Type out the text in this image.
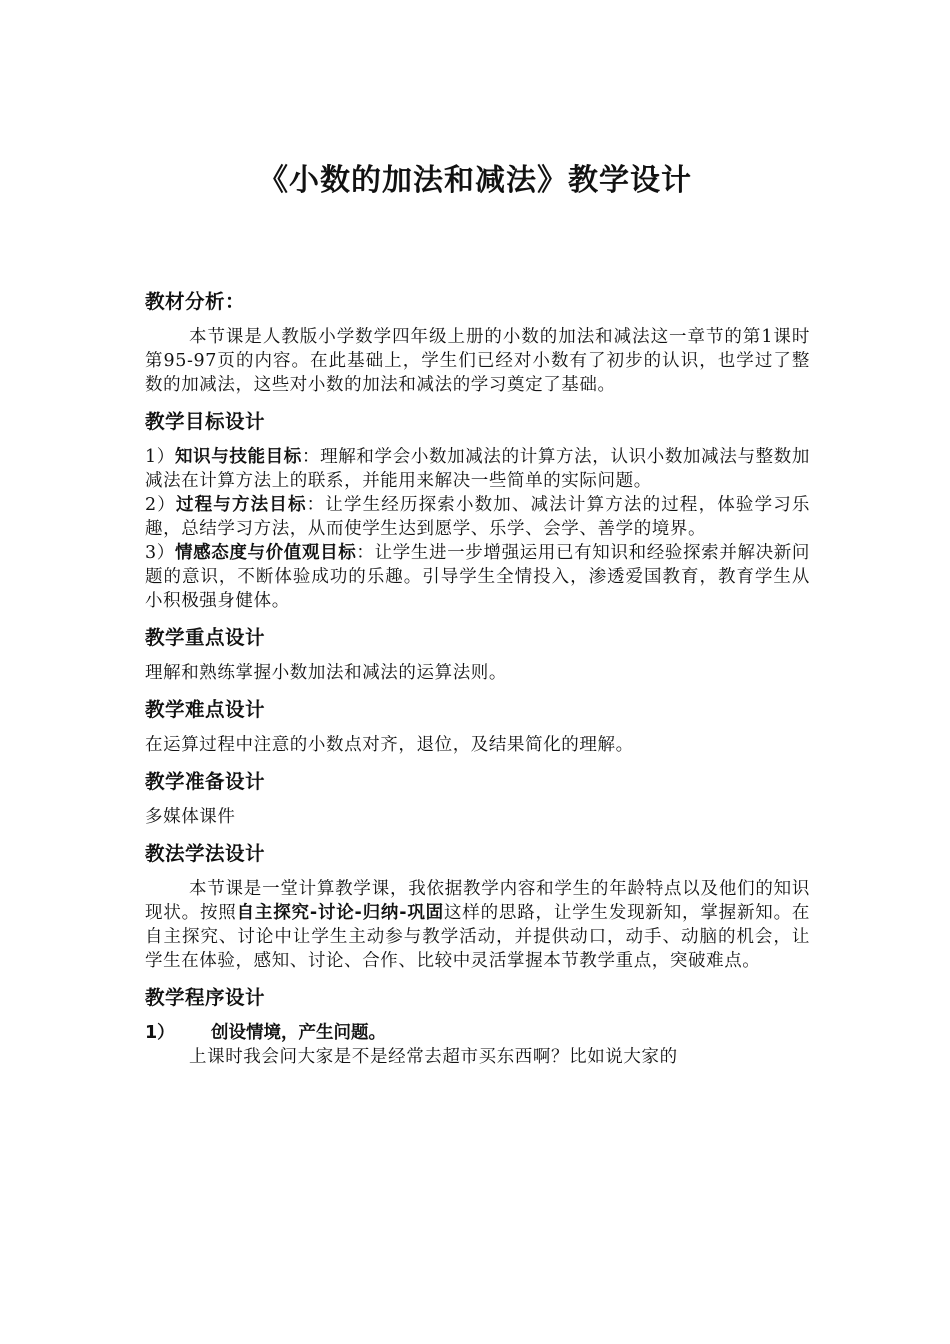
《小数的加法和减法》教学设计
教材分析：

本节课是人教版小学数学四年级上册的小数的加法和减法这一章节的第1课时第95-97页的内容。在此基础上，学生们已经对小数有了初步的认识，也学过了整数的加减法，这些对小数的加法和减法的学习奠定了基础。

教学目标设计

1）知识与技能目标：理解和学会小数加减法的计算方法，认识小数加减法与整数加减法在计算方法上的联系，并能用来解决一些简单的实际问题。

2）过程与方法目标：让学生经历探索小数加、减法计算方法的过程，体验学习乐趣，总结学习方法，从而使学生达到愿学、乐学、会学、善学的境界。

3）情感态度与价值观目标：让学生进一步增强运用已有知识和经验探索并解决新问题的意识，不断体验成功的乐趣。引导学生全情投入，渗透爱国教育，教育学生从小积极强身健体。

教学重点设计

理解和熟练掌握小数加法和减法的运算法则。

教学难点设计

在运算过程中注意的小数点对齐，退位，及结果简化的理解。

教学准备设计

多媒体课件

教法学法设计

本节课是一堂计算教学课，我依据教学内容和学生的年龄特点以及他们的知识现状。按照自主探究-讨论-归纳-巩固这样的思路，让学生发现新知，掌握新知。在自主探究、讨论中让学生主动参与教学活动，并提供动口，动手、动脑的机会，让学生在体验，感知、讨论、合作、比较中灵活掌握本节教学重点，突破难点。

教学程序设计

1） 创设情境，产生问题。

上课时我会问大家是不是经常去超市买东西啊？比如说大家的
